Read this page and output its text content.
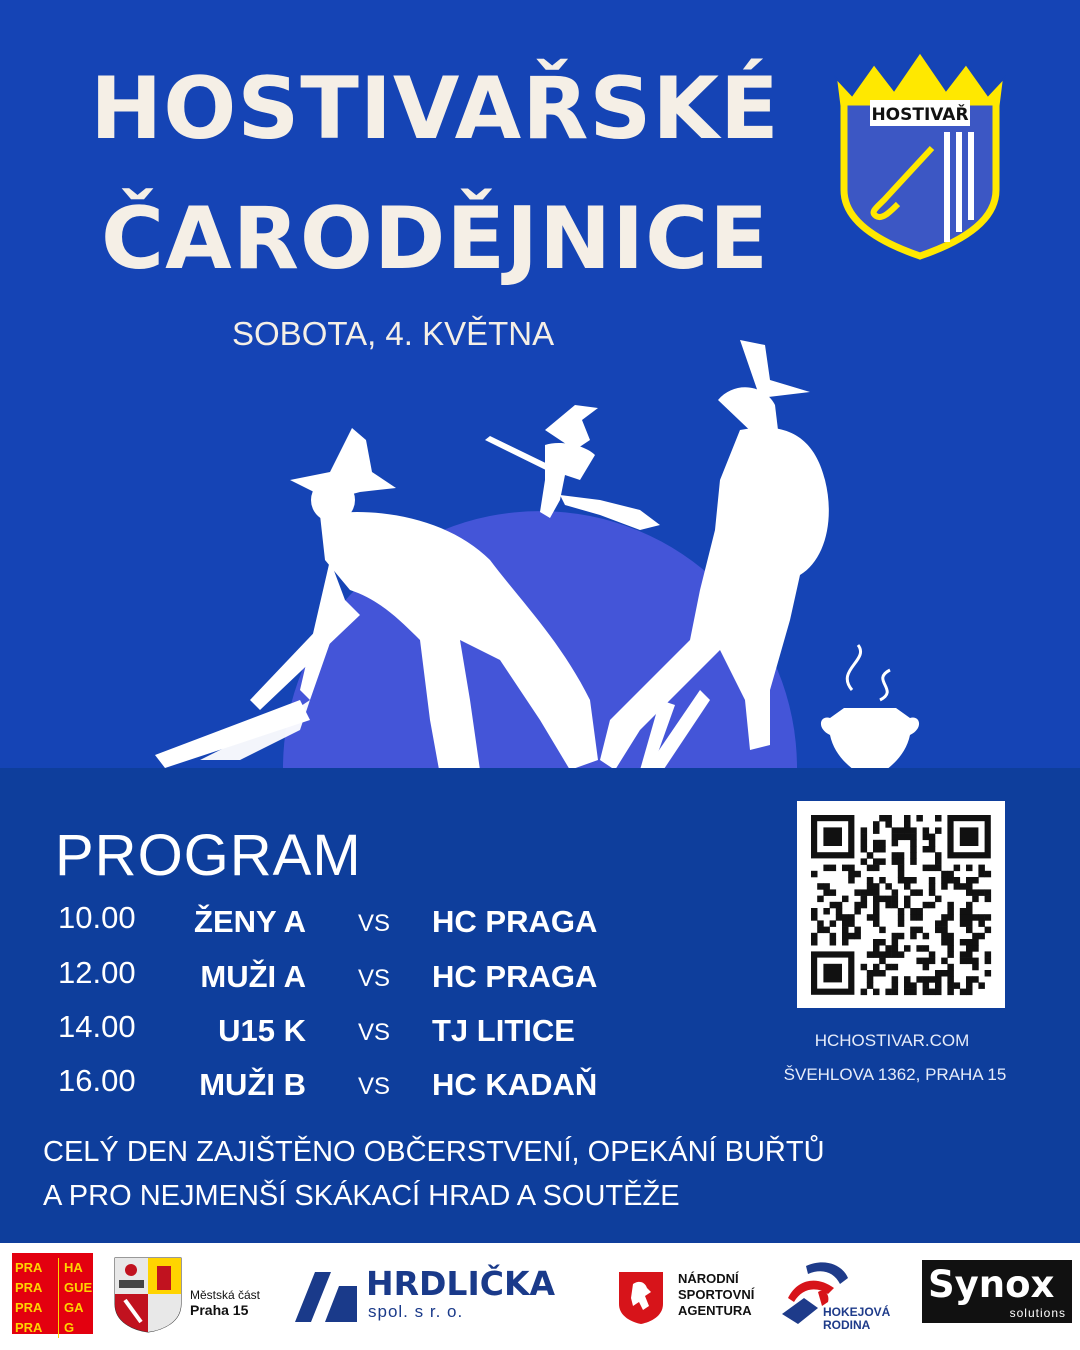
HOSTIVAŘSKÉ
ČARODĚJNICE
SOBOTA, 4. KVĚTNA
HOSTIVAŘ
PROGRAM
10.00	ŽENY A VS HC PRAGA
12.00	MUŽI A VS HC PRAGA
14.00	U15 K VS TJ LITICE
16.00	MUŽI B VS HC KADAŇ
HCHOSTIVAR.COM
ŠVEHLOVA 1362, PRAHA 15
CELÝ DEN ZAJIŠTĚNO OBČERSTVENÍ, OPEKÁNÍ BUŘTŮ
A PRO NEJMENŠÍ SKÁKACÍ HRAD A SOUTĚŽE
PRA
PRA
PRA
PRA
HA
GUE
GA
G
Městská část
Praha 15
HRDLIČKA
spol. s r. o.
NÁRODNÍ
SPORTOVNÍ
AGENTURA	HOKEJOVÁ
RODINA
Synox
solutions
